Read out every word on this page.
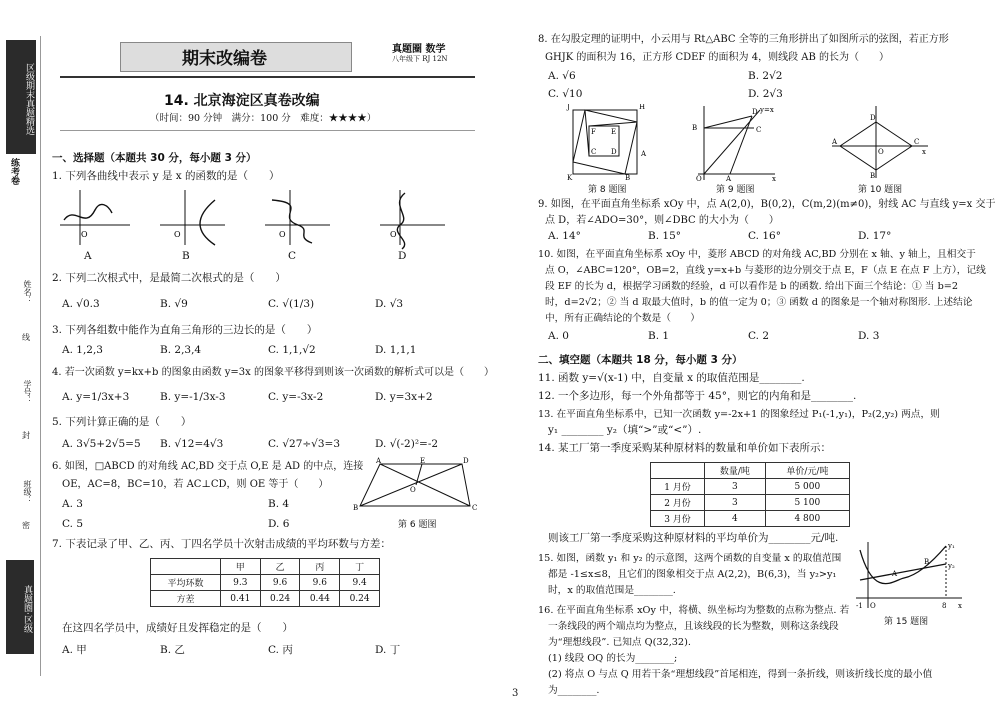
区级期末真题精选
练考卷
姓名：
线
学号：
封
班级：
密
真题圈·区级
期末改编卷	真题圈 数学
八年级下 RJ 12N
14. 北京海淀区真卷改编
（时间：90 分钟　满分：100 分　难度：★★★★）
一、选择题（本题共 30 分，每小题 3 分）
1. 下列各曲线中表示 y 是 x 的函数的是（　　）
O	O	O	O
A	B	C	D
2. 下列二次根式中，是最简二次根式的是（　　）
A. √0.3	B. √9	C. √(1/3)	D. √3
3. 下列各组数中能作为直角三角形的三边长的是（　　）
A. 1,2,3	B. 2,3,4	C. 1,1,√2	D. 1,1,1
4. 若一次函数 y=kx+b 的图象由函数 y=3x 的图象平移得到则该一次函数的解析式可以是（　　）
A. y=1/3x+3	B. y=-1/3x-3	C. y=-3x-2	D. y=3x+2
5. 下列计算正确的是（　　）
A. 3√5+2√5=5 B. √12=4√3	C. √27÷√3=3	D. √(-2)²=-2
6. 如图，□ABCD 的对角线 AC,BD 交于点 O,E 是 AD 的中点，连接
OE，AC=8，BC=10，若 AC⊥CD，则 OE 等于（　　）
A. 3	B. 4
C. 5	D. 6
B	C
A	D
E
O
第 6 题图
7. 下表记录了甲、乙、丙、丁四名学员十次射击成绩的平均环数与方差：
	甲	乙	丙	丁
平均环数	9.3	9.6	9.6	9.4
方差	0.41	0.24	0.44	0.24
在这四名学员中，成绩好且发挥稳定的是（　　）
A. 甲	B. 乙	C. 丙	D. 丁
8. 在勾股定理的证明中，小云用与 Rt△ABC 全等的三角形拼出了如图所示的弦图，若正方形
GHJK 的面积为 16，正方形 CDEF 的面积为 4，则线段 AB 的长为（　　）
A. √6	B. 2√2
C. √10	D. 2√3
J	H
K	B
A
F E
C D
y=x
B	C
D
A
O	x
A	C
D
B
O	x
第 8 题图	第 9 题图	第 10 题图
9. 如图，在平面直角坐标系 xOy 中，点 A(2,0)，B(0,2)，C(m,2)(m≠0)，射线 AC 与直线 y=x 交于
点 D，若∠ADO=30°，则∠DBC 的大小为（　　）
A. 14°	B. 15°	C. 16°	D. 17°
10. 如图，在平面直角坐标系 xOy 中，菱形 ABCD 的对角线 AC,BD 分别在 x 轴、y 轴上，且相交于
点 O，∠ABC=120°，OB=2，直线 y=x+b 与菱形的边分别交于点 E，F（点 E 在点 F 上方），记线
段 EF 的长为 d，根据学习函数的经验，d 可以看作是 b 的函数. 给出下面三个结论：① 当 b=2
时，d=2√2；② 当 d 取最大值时，b 的值一定为 0；③ 函数 d 的图象是一个轴对称图形. 上述结论
中，所有正确结论的个数是（　　）
A. 0	B. 1	C. 2	D. 3
二、填空题（本题共 18 分，每小题 3 分）
11. 函数 y=√(x-1) 中，自变量 x 的取值范围是________.
12. 一个多边形，每一个外角都等于 45°，则它的内角和是________.
13. 在平面直角坐标系中，已知一次函数 y=-2x+1 的图象经过 P₁(-1,y₁)，P₂(2,y₂) 两点，则
y₁ ________ y₂（填“>”或“<”）.
14. 某工厂第一季度采购某种原材料的数量和单价如下表所示：
	数量/吨	单价/元/吨
1 月份	3	5 000
2 月份	3	5 100
3 月份	4	4 800
则该工厂第一季度采购这种原材料的平均单价为________元/吨.
15. 如图，函数 y₁ 和 y₂ 的示意图，这两个函数的自变量 x 的取值范围
都是 -1≤x≤8，且它们的图象相交于点 A(2,2)，B(6,3)，当 y₂>y₁
时，x 的取值范围是________.
-1 O	8 x
A
B
y₁
y₂
第 15 题图
16. 在平面直角坐标系 xOy 中，将横、纵坐标均为整数的点称为整点. 若
一条线段的两个端点均为整点，且该线段的长为整数，则称这条线段
为“理想线段”. 已知点 Q(32,32).
(1) 线段 OQ 的长为________;
(2) 将点 O 与点 Q 用若干条“理想线段”首尾相连，得到一条折线，则该折线长度的最小值
为________.
3
